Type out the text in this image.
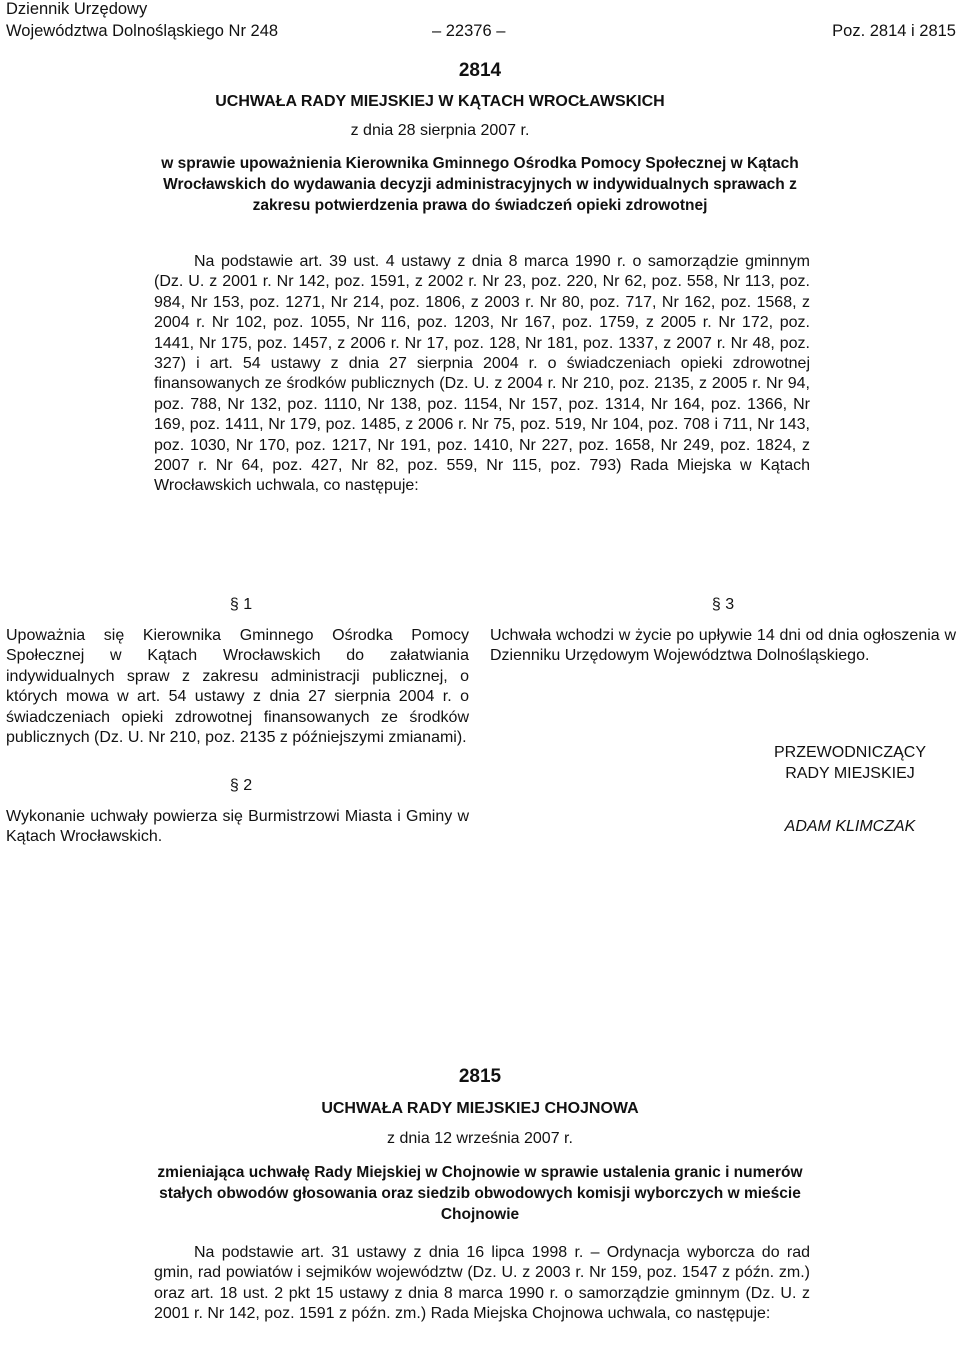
Dziennik Urzędowy
Województwa Dolnośląskiego Nr 248	– 22376 –	Poz. 2814 i 2815
2814
UCHWAŁA RADY MIEJSKIEJ W KĄTACH WROCŁAWSKICH
z dnia 28 sierpnia 2007 r.
w sprawie upoważnienia Kierownika Gminnego Ośrodka Pomocy Społecznej w Kątach Wrocławskich do wydawania decyzji administracyjnych w indywidualnych sprawach z zakresu potwierdzenia prawa do świadczeń opieki zdrowotnej
Na podstawie art. 39 ust. 4 ustawy z dnia 8 marca 1990 r. o samorządzie gminnym (Dz. U. z 2001 r. Nr 142, poz. 1591, z 2002 r. Nr 23, poz. 220, Nr 62, poz. 558, Nr 113, poz. 984, Nr 153, poz. 1271, Nr 214, poz. 1806, z 2003 r. Nr 80, poz. 717, Nr 162, poz. 1568, z 2004 r. Nr 102, poz. 1055, Nr 116, poz. 1203, Nr 167, poz. 1759, z 2005 r. Nr 172, poz. 1441, Nr 175, poz. 1457, z 2006 r. Nr 17, poz. 128, Nr 181, poz. 1337, z 2007 r. Nr 48, poz. 327) i art. 54 ustawy z dnia 27 sierpnia 2004 r. o świadczeniach opieki zdrowotnej finansowanych ze środków publicznych (Dz. U. z 2004 r. Nr 210, poz. 2135, z 2005 r. Nr 94, poz. 788, Nr 132, poz. 1110, Nr 138, poz. 1154, Nr 157, poz. 1314, Nr 164, poz. 1366, Nr 169, poz. 1411, Nr 179, poz. 1485, z 2006 r. Nr 75, poz. 519, Nr 104, poz. 708 i 711, Nr 143, poz. 1030, Nr 170, poz. 1217, Nr 191, poz. 1410, Nr 227, poz. 1658, Nr 249, poz. 1824, z 2007 r. Nr 64, poz. 427, Nr 82, poz. 559, Nr 115, poz. 793) Rada Miejska w Kątach Wrocławskich uchwala, co następuje:
§ 1
Upoważnia się Kierownika Gminnego Ośrodka Pomocy Społecznej w Kątach Wrocławskich do załatwiania indywidualnych spraw z zakresu administracji publicznej, o których mowa w art. 54 ustawy z dnia 27 sierpnia 2004 r. o świadczeniach opieki zdrowotnej finansowanych ze środków publicznych (Dz. U. Nr 210, poz. 2135 z późniejszymi zmianami).
§ 2
Wykonanie uchwały powierza się Burmistrzowi Miasta i Gminy w Kątach Wrocławskich.
§ 3
Uchwała wchodzi w życie po upływie 14 dni od dnia ogłoszenia w Dzienniku Urzędowym Województwa Dolnośląskiego.
PRZEWODNICZĄCY
RADY MIEJSKIEJ
ADAM KLIMCZAK
2815
UCHWAŁA RADY MIEJSKIEJ CHOJNOWA
z dnia 12 września 2007 r.
zmieniająca uchwałę Rady Miejskiej w Chojnowie w sprawie ustalenia granic i numerów stałych obwodów głosowania oraz siedzib obwodowych komisji wyborczych w mieście Chojnowie
Na podstawie art. 31 ustawy z dnia 16 lipca 1998 r. – Ordynacja wyborcza do rad gmin, rad powiatów i sejmików województw (Dz. U. z 2003 r. Nr 159, poz. 1547 z późn. zm.) oraz art. 18 ust. 2 pkt 15 ustawy z dnia 8 marca 1990 r. o samorządzie gminnym (Dz. U. z 2001 r. Nr 142, poz. 1591 z późn. zm.) Rada Miejska Chojnowa uchwala, co następuje:
